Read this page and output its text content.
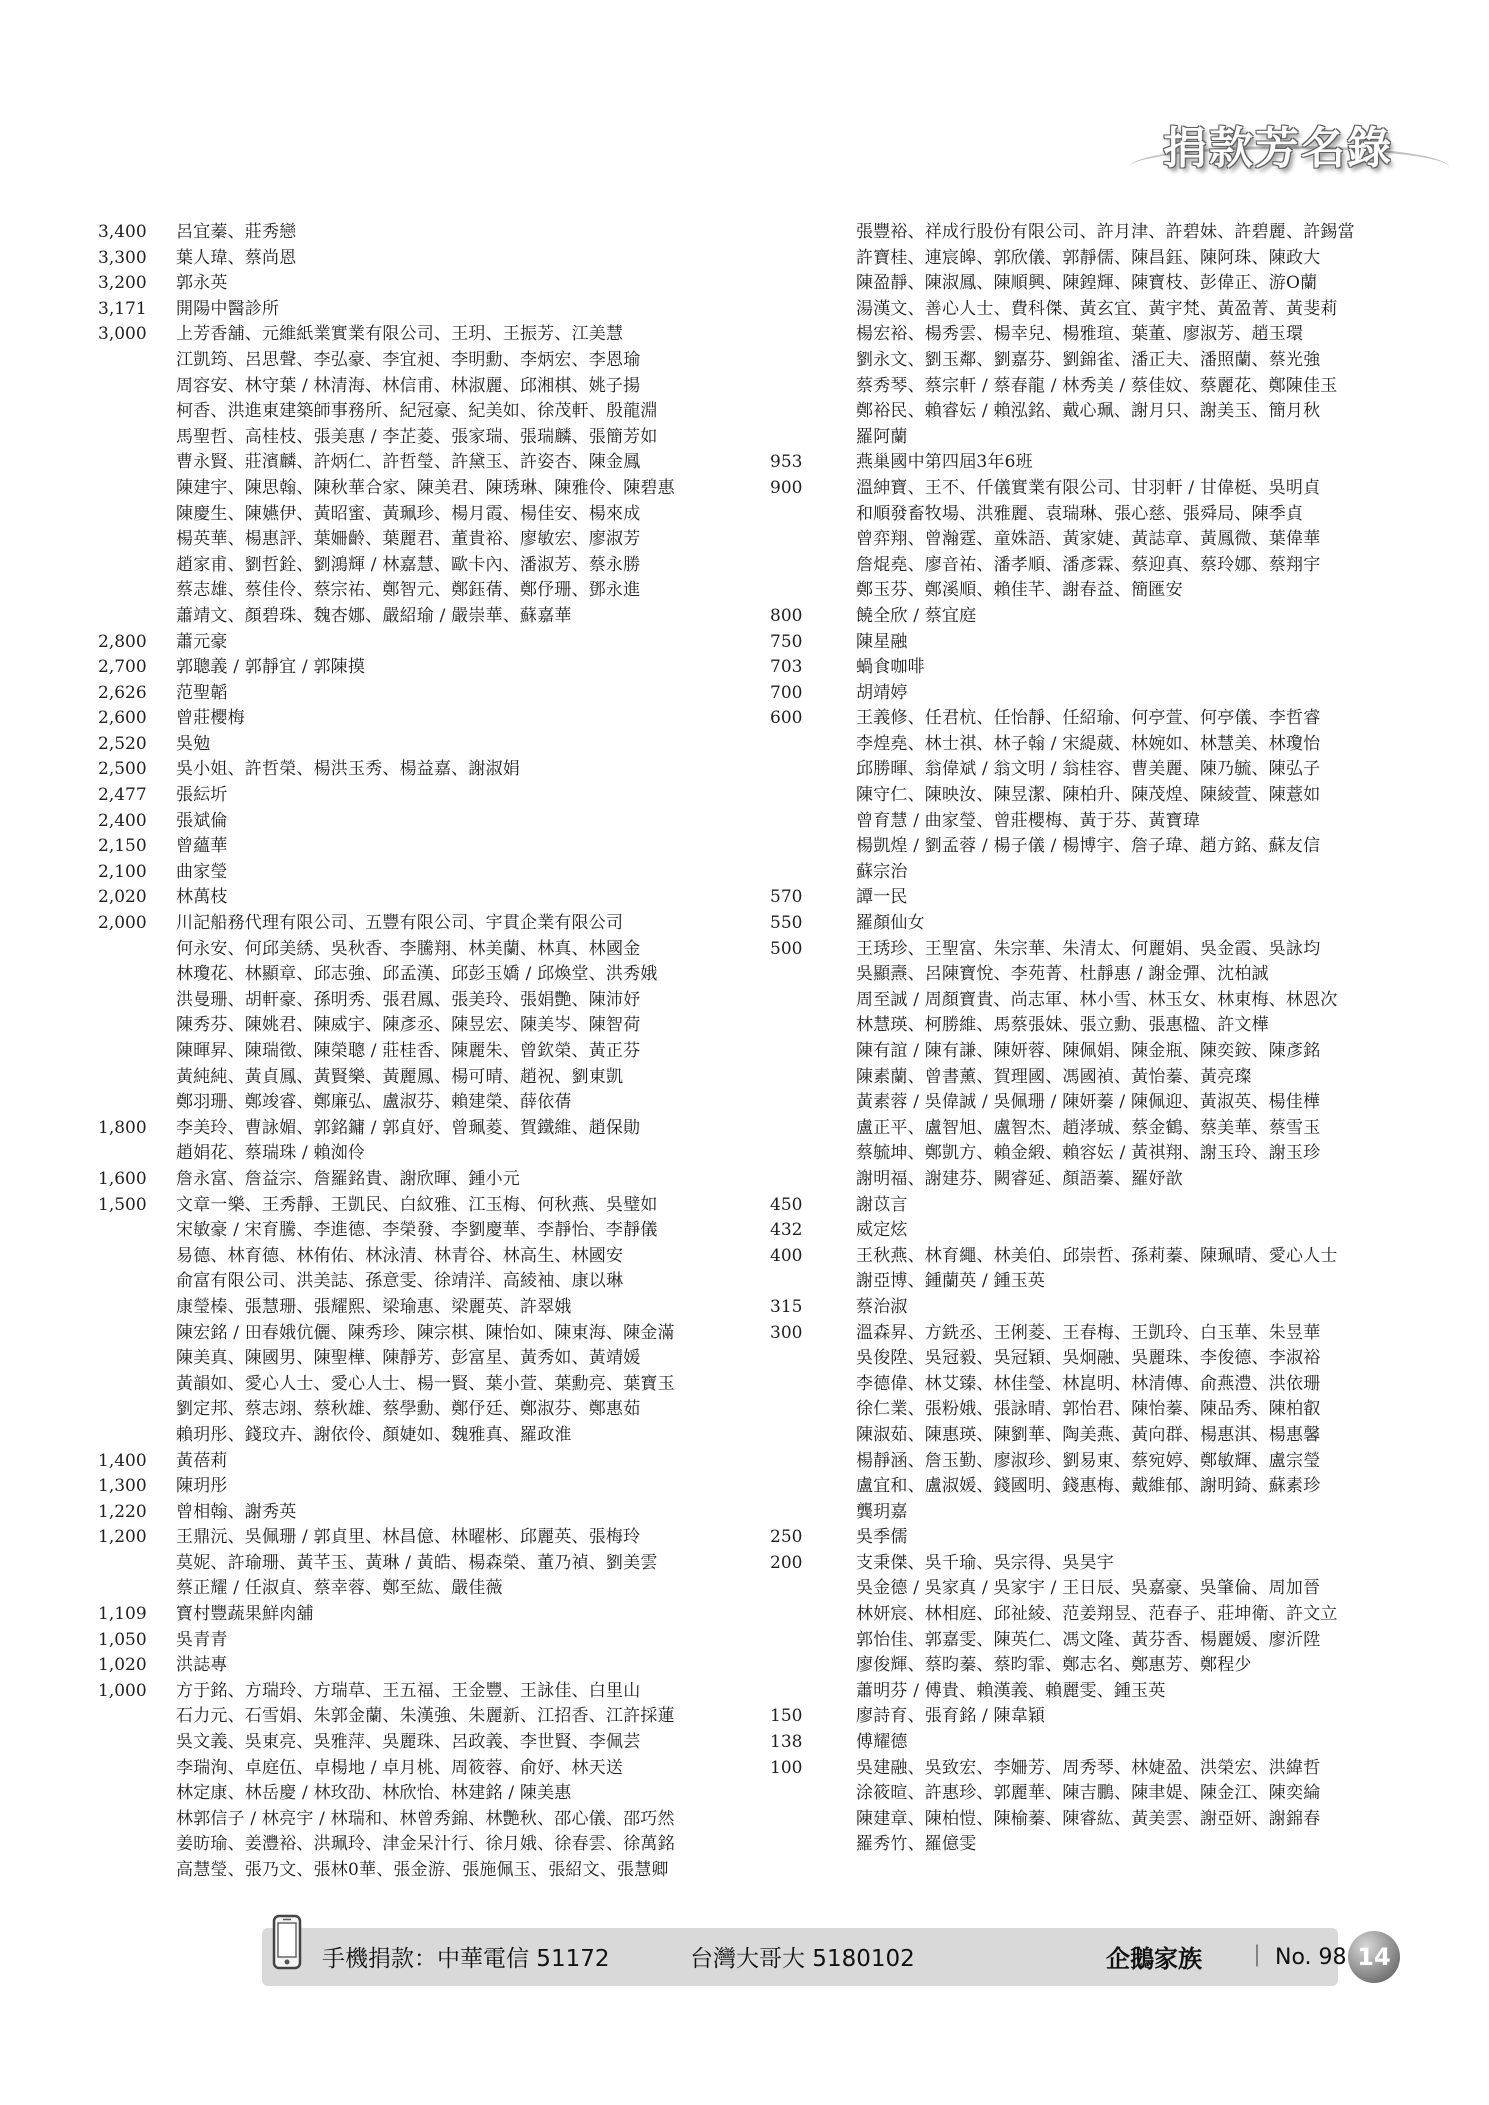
捐款芳名錄
3,400 呂宜蓁、莊秀戀
3,300 葉人瑋、蔡尚恩
3,200 郭永英
3,171 開陽中醫診所
3,000 上芳香舖、元維紙業實業有限公司、王玥、王振芳、江美慧
江凱筠、呂思聲、李弘豪、李宜昶、李明勳、李炳宏、李恩瑜
周容安、林守葉 / 林清海、林信甫、林淑麗、邱湘棋、姚子揚
柯香、洪進東建築師事務所、紀冠豪、紀美如、徐茂軒、殷龍淵
馬聖哲、高桂枝、張美惠 / 李芷菱、張家瑞、張瑞麟、張簡芳如
曹永賢、莊濱麟、許炳仁、許哲瑩、許黛玉、許姿杏、陳金鳳
陳建宇、陳思翰、陳秋華合家、陳美君、陳琇琳、陳雅伶、陳碧惠
陳慶生、陳嬿伊、黃昭蜜、黃珮珍、楊月霞、楊佳安、楊來成
楊英華、楊惠評、葉姍齡、葉麗君、董貴裕、廖敏宏、廖淑芳
趙家甫、劉哲銓、劉鴻輝 / 林嘉慧、歐卡內、潘淑芳、蔡永勝
蔡志雄、蔡佳伶、蔡宗祐、鄭智元、鄭鈺蒨、鄭伃珊、鄧永進
蕭靖文、顏碧珠、魏杏娜、嚴紹瑜 / 嚴崇華、蘇嘉華
2,800 蕭元豪
2,700 郭聰義 / 郭靜宜 / 郭陳摸
2,626 范聖韜
2,600 曾莊櫻梅
2,520 吳勉
2,500 吳小姐、許哲榮、楊洪玉秀、楊益嘉、謝淑娟
2,477 張紜圻
2,400 張斌倫
2,150 曾蘊華
2,100 曲家瑩
2,020 林萬枝
2,000 川記船務代理有限公司、五豐有限公司、宇貫企業有限公司
何永安、何邱美綉、吳秋香、李騰翔、林美蘭、林真、林國金
林瓊花、林顯章、邱志強、邱孟漢、邱彭玉嬌 / 邱煥堂、洪秀娥
洪曼珊、胡軒豪、孫明秀、張君鳳、張美玲、張娟艷、陳沛妤
陳秀芬、陳姚君、陳威宇、陳彥丞、陳昱宏、陳美岑、陳智荷
陳暉昇、陳瑞徵、陳榮聰 / 莊桂香、陳麗朱、曾欽榮、黃正芬
黃純純、黃貞鳳、黃賢樂、黃麗鳳、楊可晴、趙祝、劉東凱
鄭羽珊、鄭竣睿、鄭廉弘、盧淑芬、賴建榮、薛依蒨
1,800 李美玲、曹詠媚、郭銘鏞 / 郭貞妤、曾珮菱、賀鐵維、趙保勛
趙娟花、蔡瑞珠 / 賴洳伶
1,600 詹永富、詹益宗、詹羅銘貴、謝欣暉、鍾小元
1,500 文章一樂、王秀靜、王凱民、白紋雅、江玉梅、何秋燕、吳璧如
宋敏豪 / 宋育騰、李進德、李榮發、李劉慶華、李靜怡、李靜儀
易德、林育德、林侑佑、林泳清、林青谷、林高生、林國安
俞富有限公司、洪美誌、孫意雯、徐靖洋、高綾袖、康以琳
康瑩榛、張慧珊、張耀熙、梁瑜惠、梁麗英、許翠娥
陳宏銘 / 田春娥伉儷、陳秀珍、陳宗棋、陳怡如、陳東海、陳金滿
陳美真、陳國男、陳聖樺、陳靜芳、彭富星、黃秀如、黃靖媛
黃韻如、愛心人士、愛心人士、楊一賢、葉小萱、葉勳亮、葉寶玉
劉定邦、蔡志翊、蔡秋雄、蔡學勳、鄭伃廷、鄭淑芬、鄭惠茹
賴玥彤、錢玟卉、謝依伶、顏婕如、魏雅真、羅政淮
1,400 黃蓓莉
1,300 陳玥彤
1,220 曾相翰、謝秀英
1,200 王鼎沅、吳佩珊 / 郭貞里、林昌億、林曜彬、邱麗英、張梅玲
莫妮、許瑜珊、黃芊玉、黃琳 / 黃皓、楊森榮、董乃禎、劉美雲
蔡正耀 / 任淑貞、蔡幸蓉、鄭至紘、嚴佳薇
1,109 寶村豐蔬果鮮肉舖
1,050 吳青青
1,020 洪誌專
1,000 方于銘、方瑞玲、方瑞草、王五福、王金豐、王詠佳、白里山
石力元、石雪娟、朱郭金蘭、朱漢強、朱麗新、江招香、江許採蓮
吳文義、吳東亮、吳雅萍、吳麗珠、呂政義、李世賢、李佩芸
李瑞洵、卓庭伍、卓楊地 / 卓月桃、周筱蓉、俞妤、林天送
林定康、林岳慶 / 林玫劭、林欣怡、林建銘 / 陳美惠
林郭信子 / 林亮宇 / 林瑞和、林曾秀錦、林艷秋、邵心儀、邵巧然
姜昉瑜、姜灃裕、洪珮玲、津金呆汁行、徐月娥、徐春雲、徐萬銘
高慧瑩、張乃文、張林0華、張金游、張施佩玉、張紹文、張慧卿
張豐裕、祥成行股份有限公司、許月津、許碧妹、許碧麗、許錫當
許寶桂、連宸皞、郭欣儀、郭靜儒、陳昌鈺、陳阿珠、陳政大
陳盈靜、陳淑鳳、陳順興、陳鍠輝、陳寶枝、彭偉正、游O蘭
湯漢文、善心人士、費科傑、黃玄宜、黃宇梵、黃盈菁、黃斐莉
楊宏裕、楊秀雲、楊幸兒、楊雅瑄、葉董、廖淑芳、趙玉環
劉永文、劉玉鄰、劉嘉芬、劉錦雀、潘正夫、潘照蘭、蔡光強
蔡秀琴、蔡宗軒 / 蔡春龍 / 林秀美 / 蔡佳妏、蔡麗花、鄭陳佳玉
鄭裕民、賴睿妘 / 賴泓銘、戴心珮、謝月只、謝美玉、簡月秋
羅阿蘭
953	燕巢國中第四屆3年6班
900	溫紳寶、王不、仟儀實業有限公司、甘羽軒 / 甘偉梃、吳明貞
和順發畜牧場、洪雅麗、袁瑞琳、張心慈、張舜局、陳季貞
曾弈翔、曾瀚霆、童姝語、黃家婕、黃誌章、黃鳳微、葉偉華
詹焜堯、廖音祐、潘孝順、潘彥霖、蔡迎真、蔡玲娜、蔡翔宇
鄭玉芬、鄭溪順、賴佳芊、謝春益、簡匯安
800	饒全欣 / 蔡宜庭
750	陳星融
703	蝸食咖啡
700	胡靖婷
600	王義修、任君杭、任怡靜、任紹瑜、何亭萱、何亭儀、李哲睿
李煌堯、林士祺、林子翰 / 宋緹葳、林婉如、林慧美、林瓊怡
邱勝暉、翁偉斌 / 翁文明 / 翁桂容、曹美麗、陳乃毓、陳弘子
陳守仁、陳映汝、陳昱潔、陳柏升、陳茂煌、陳綾萱、陳薏如
曾育慧 / 曲家瑩、曾莊櫻梅、黃于芬、黃寶瑋
楊凱煌 / 劉孟蓉 / 楊子儀 / 楊博宇、詹子瑋、趙方銘、蘇友信
蘇宗治
570	譚一民
550	羅顏仙女
500	王琇珍、王聖富、朱宗華、朱清太、何麗娟、吳金霞、吳詠均
吳顯燾、呂陳寶悅、李苑菁、杜靜惠 / 謝金彈、沈柏誠
周至誠 / 周顏寶貴、尚志軍、林小雪、林玉女、林東梅、林恩次
林慧瑛、柯勝維、馬蔡張妹、張立勳、張惠楹、許文樺
陳有誼 / 陳有謙、陳妍蓉、陳佩娟、陳金瓶、陳奕銨、陳彥銘
陳素蘭、曾書薰、賀理國、馮國禎、黃怡蓁、黃亮璨
黃素蓉 / 吳偉誠 / 吳佩珊 / 陳妍蓁 / 陳佩迎、黃淑英、楊佳樺
盧正平、盧智旭、盧智杰、趙涍珹、蔡金鶴、蔡美華、蔡雪玉
蔡毓坤、鄭凱方、賴金緞、賴容妘 / 黃祺翔、謝玉玲、謝玉珍
謝明福、謝建芬、闕睿延、顏語蓁、羅妤歆
450	謝苡言
432	威定炫
400	王秋燕、林育繩、林美伯、邱崇哲、孫莉蓁、陳珮晴、愛心人士
謝亞博、鍾蘭英 / 鍾玉英
315	蔡治淑
300	溫森昇、方銑丞、王俐菱、王春梅、王凱玲、白玉華、朱昱華
吳俊陞、吳冠毅、吳冠穎、吳炯融、吳麗珠、李俊德、李淑裕
李德偉、林艾臻、林佳瑩、林崑明、林清傳、俞燕澧、洪依珊
徐仁業、張粉娥、張詠晴、郭怡君、陳怡蓁、陳品秀、陳柏叡
陳淑茹、陳惠瑛、陳劉華、陶美燕、黃向群、楊惠淇、楊惠馨
楊靜涵、詹玉勤、廖淑珍、劉易東、蔡宛婷、鄭敏輝、盧宗瑩
盧宜和、盧淑媛、錢國明、錢惠梅、戴維郁、謝明錡、蘇素珍
龔玥嘉
250	吳季儒
200	支秉傑、吳千瑜、吳宗得、吳昊宇
吳金德 / 吳家真 / 吳家宇 / 王日辰、吳嘉豪、吳肇倫、周加晉
林妍宸、林相庭、邱祉綾、范姜翔昱、范春子、莊坤衛、許文立
郭怡佳、郭嘉雯、陳英仁、馮文隆、黃芬香、楊麗媛、廖沂陞
廖俊輝、蔡昀蓁、蔡昀霏、鄭志名、鄭惠芳、鄭程少
蕭明芬 / 傅貴、賴漢義、賴麗雯、鍾玉英
150	廖詩育、張育銘 / 陳韋穎
138	傅耀德
100	吳建融、吳致宏、李姍芳、周秀琴、林婕盈、洪榮宏、洪緯哲
涂筱暄、許惠珍、郭麗華、陳吉鵬、陳聿媞、陳金江、陳奕綸
陳建章、陳柏愷、陳榆蓁、陳睿紘、黃美雲、謝亞妍、謝錦春
羅秀竹、羅億雯
手機捐款：中華電信 51172	台灣大哥大 5180102	企鵝家族 ｜ No. 98 14
